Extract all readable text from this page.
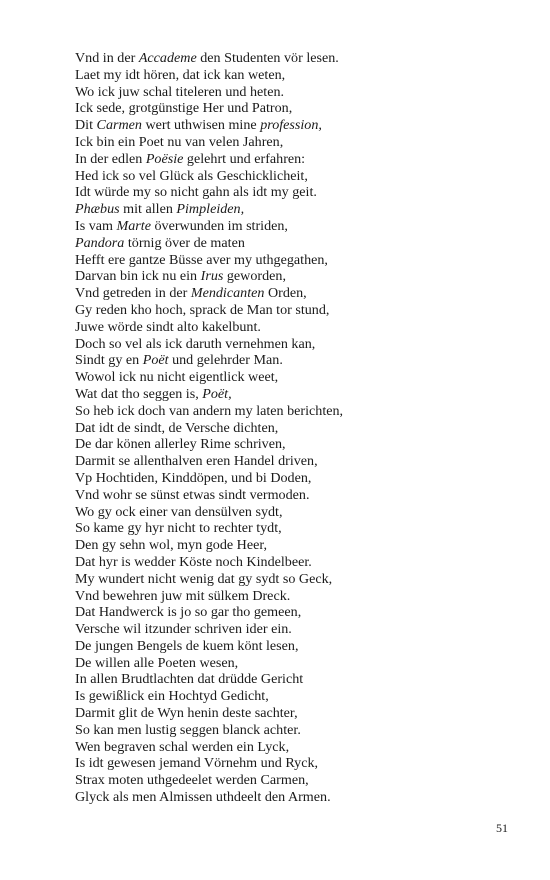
Vnd in der Accademe den Studenten vör lesen.
Laet my idt hören, dat ick kan weten,
Wo ick juw schal titeleren und heten.
Ick sede, grotgünstige Her und Patron,
Dit Carmen wert uthwisen mine profession,
Ick bin ein Poet nu van velen Jahren,
In der edlen Poësie gelehrt und erfahren:
Hed ick so vel Glück als Geschicklicheit,
Idt würde my so nicht gahn als idt my geit.
Phæbus mit allen Pimpleiden,
Is vam Marte överwunden im striden,
Pandora törnig över de maten
Hefft ere gantze Büsse aver my uthgegathen,
Darvan bin ick nu ein Irus geworden,
Vnd getreden in der Mendicanten Orden,
Gy reden kho hoch, sprack de Man tor stund,
Juwe wörde sindt alto kakelbunt.
Doch so vel als ick daruth vernehmen kan,
Sindt gy en Poët und gelehrder Man.
Wowol ick nu nicht eigentlick weet,
Wat dat tho seggen is, Poët,
So heb ick doch van andern my laten berichten,
Dat idt de sindt, de Versche dichten,
De dar könen allerley Rime schriven,
Darmit se allenthalven eren Handel driven,
Vp Hochtiden, Kinddöpen, und bi Doden,
Vnd wohr se sünst etwas sindt vermoden.
Wo gy ock einer van densülven sydt,
So kame gy hyr nicht to rechter tydt,
Den gy sehn wol, myn gode Heer,
Dat hyr is wedder Köste noch Kindelbeer.
My wundert nicht wenig dat gy sydt so Geck,
Vnd bewehren juw mit sülkem Dreck.
Dat Handwerck is jo so gar tho gemeen,
Versche wil itzunder schriven ider ein.
De jungen Bengels de kuem könt lesen,
De willen alle Poeten wesen,
In allen Brudtlachten dat drüdde Gericht
Is gewißlick ein Hochtyd Gedicht,
Darmit glit de Wyn henin deste sachter,
So kan men lustig seggen blanck achter.
Wen begraven schal werden ein Lyck,
Is idt gewesen jemand Vörnehm und Ryck,
Strax moten uthgedeelet werden Carmen,
Glyck als men Almissen uthdeelt den Armen.
51
